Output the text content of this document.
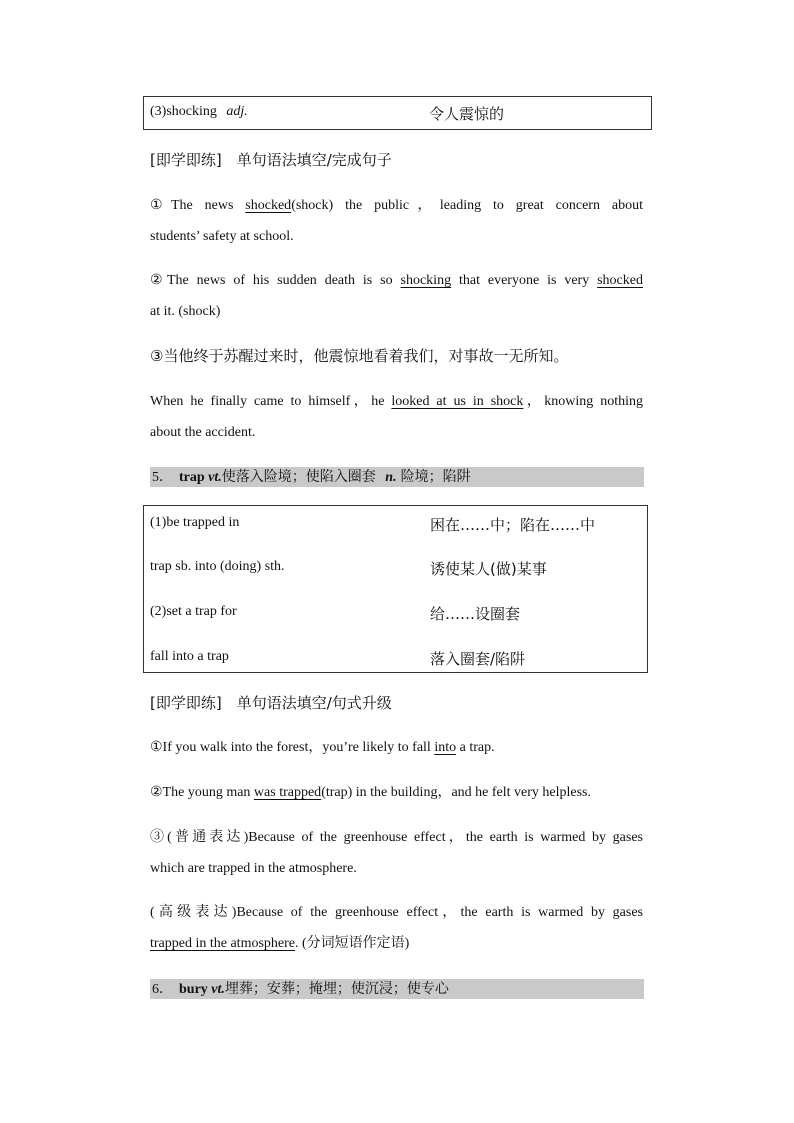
(3)shocking adj.	令人震惊的
[即学即练]　单句语法填空/完成句子
①The news shocked(shock) the public，leading to great concern about
students’ safety at school.
②The news of his sudden death is so shocking that everyone is very shocked
at it. (shock)
③当他终于苏醒过来时，他震惊地看着我们，对事故一无所知。
When he finally came to himself，he looked at us in shock，knowing nothing
about the accident.
5． trap vt.使落入险境；使陷入圈套 n. 险境；陷阱
(1)be trapped in	困在……中；陷在……中
trap sb. into (doing) sth.	诱使某人(做)某事
(2)set a trap for	给……设圈套
fall into a trap	落入圈套/陷阱
[即学即练]　单句语法填空/句式升级
①If you walk into the forest，you’re likely to fall into a trap.
②The young man was trapped(trap) in the building，and he felt very helpless.
③(普通表达)Because of the greenhouse effect，the earth is warmed by gases
which are trapped in the atmosphere.
(高级表达)Because of the greenhouse effect，the earth is warmed by gases
trapped in the atmosphere. (分词短语作定语)
6． bury vt.埋葬；安葬；掩埋；使沉浸；使专心
